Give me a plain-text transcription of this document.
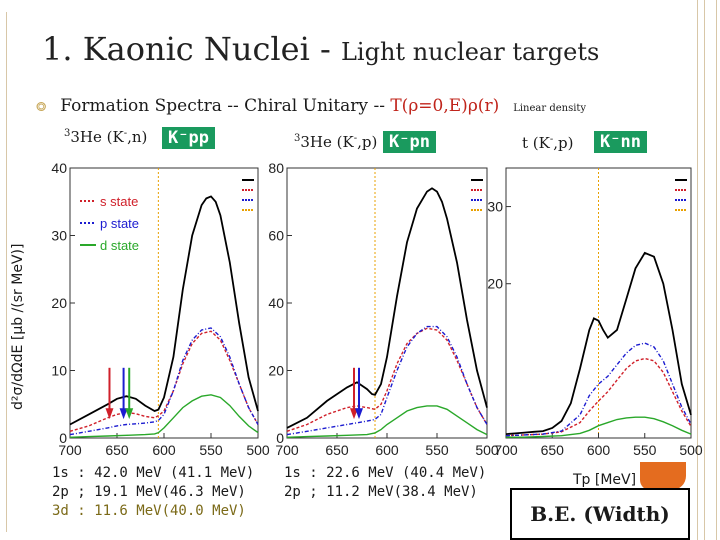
1. Kaonic Nuclei - Light nuclear targets
⭗ Formation Spectra -- Chiral Unitary -- T(ρ=0,E)ρ(r) Linear density
$^3$3He (K-,n)	K⁻pp	$^3$3He (K-,p) K⁻pn	t (K-,p)	K⁻nn
d²σ/dΩdE [μb /(sr MeV)]
700 650 600 550 500
0
10
20
30
40
s state
p state
d state
700 650 600 550 500
0
20
40
60
80
700 650 600 550 500
20
30
1s : 42.0 MeV (41.1 MeV)
2p ; 19.1 MeV(46.3 MeV)
3d : 11.6 MeV(40.0 MeV)
1s : 22.6 MeV (40.4 MeV)
2p ; 11.2 MeV(38.4 MeV)
Tp [MeV]
B.E. (Width)
